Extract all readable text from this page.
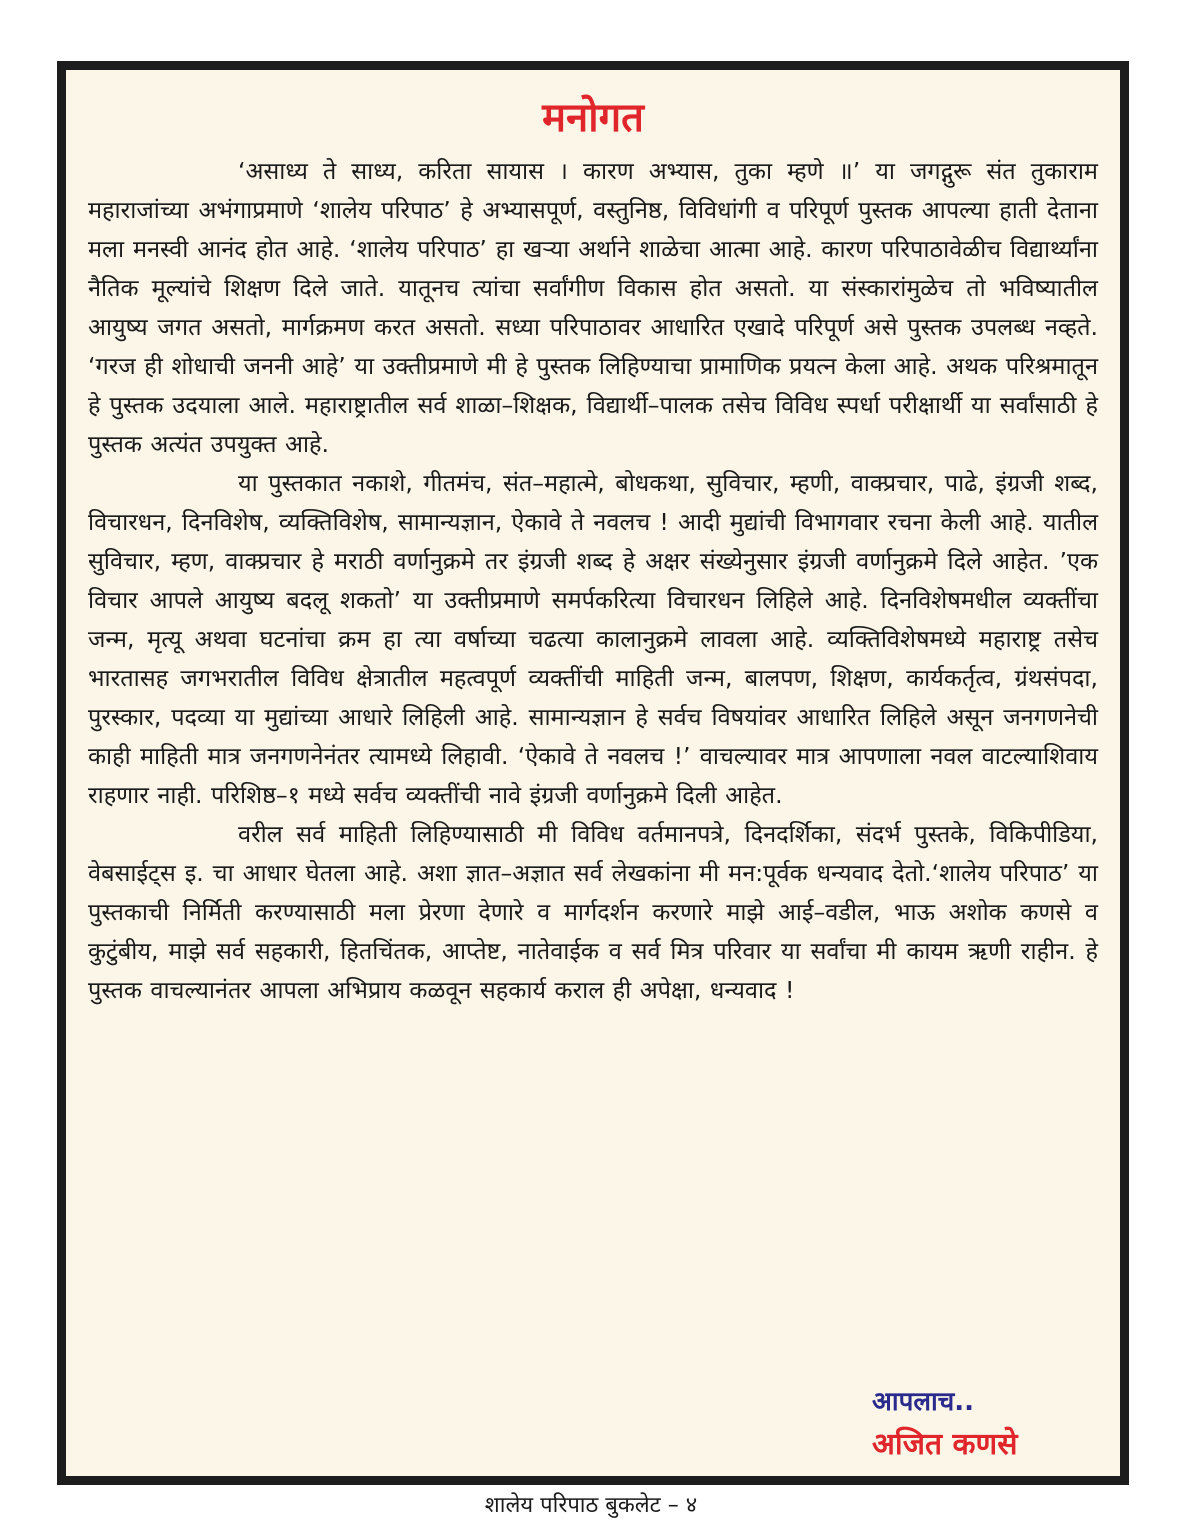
मनोगत

‘असाध्य ते साध्य, करिता सायास । कारण अभ्यास, तुका म्हणे ॥’ या जगद्गुरू संत तुकाराम महाराजांच्या अभंगाप्रमाणे ‘शालेय परिपाठ’ हे अभ्यासपूर्ण, वस्तुनिष्ठ, विविधांगी व परिपूर्ण पुस्तक आपल्या हाती देताना मला मनस्वी आनंद होत आहे. ‘शालेय परिपाठ’ हा खऱ्या अर्थाने शाळेचा आत्मा आहे. कारण परिपाठावेळीच विद्यार्थ्यांना नैतिक मूल्यांचे शिक्षण दिले जाते. यातूनच त्यांचा सर्वांगीण विकास होत असतो. या संस्कारांमुळेच तो भविष्यातील आयुष्य जगत असतो, मार्गक्रमण करत असतो. सध्या परिपाठावर आधारित एखादे परिपूर्ण असे पुस्तक उपलब्ध नव्हते. ‘गरज ही शोधाची जननी आहे’ या उक्तीप्रमाणे मी हे पुस्तक लिहिण्याचा प्रामाणिक प्रयत्न केला आहे. अथक परिश्रमातून हे पुस्तक उदयाला आले. महाराष्ट्रातील सर्व शाळा–शिक्षक, विद्यार्थी–पालक तसेच विविध स्पर्धा परीक्षार्थी या सर्वांसाठी हे पुस्तक अत्यंत उपयुक्त आहे.

या पुस्तकात नकाशे, गीतमंच, संत–महात्मे, बोधकथा, सुविचार, म्हणी, वाक्प्रचार, पाढे, इंग्रजी शब्द, विचारधन, दिनविशेष, व्यक्तिविशेष, सामान्यज्ञान, ऐकावे ते नवलच ! आदी मुद्यांची विभागवार रचना केली आहे. यातील सुविचार, म्हण, वाक्प्रचार हे मराठी वर्णानुक्रमे तर इंग्रजी शब्द हे अक्षर संख्येनुसार इंग्रजी वर्णानुक्रमे दिले आहेत. ’एक विचार आपले आयुष्य बदलू शकतो’ या उक्तीप्रमाणे समर्पकरित्या विचारधन लिहिले आहे. दिनविशेषमधील व्यक्तींचा जन्म, मृत्यू अथवा घटनांचा क्रम हा त्या वर्षाच्या चढत्या कालानुक्रमे लावला आहे. व्यक्तिविशेषमध्ये महाराष्ट्र तसेच भारतासह जगभरातील विविध क्षेत्रातील महत्वपूर्ण व्यक्तींची माहिती जन्म, बालपण, शिक्षण, कार्यकर्तृत्व, ग्रंथसंपदा, पुरस्कार, पदव्या या मुद्यांच्या आधारे लिहिली आहे. सामान्यज्ञान हे सर्वच विषयांवर आधारित लिहिले असून जनगणनेची काही माहिती मात्र जनगणनेनंतर त्यामध्ये लिहावी. ‘ऐकावे ते नवलच !’ वाचल्यावर मात्र आपणाला नवल वाटल्याशिवाय राहणार नाही. परिशिष्ठ–१ मध्ये सर्वच व्यक्तींची नावे इंग्रजी वर्णानुक्रमे दिली आहेत.

वरील सर्व माहिती लिहिण्यासाठी मी विविध वर्तमानपत्रे, दिनदर्शिका, संदर्भ पुस्तके, विकिपीडिया, वेबसाईट्स इ. चा आधार घेतला आहे. अशा ज्ञात–अज्ञात सर्व लेखकांना मी मन:पूर्वक धन्यवाद देतो.‘शालेय परिपाठ’ या पुस्तकाची निर्मिती करण्यासाठी मला प्रेरणा देणारे व मार्गदर्शन करणारे माझे आई–वडील, भाऊ अशोक कणसे व कुटुंबीय, माझे सर्व सहकारी, हितचिंतक, आप्तेष्ट, नातेवाईक व सर्व मित्र परिवार या सर्वांचा मी कायम ऋणी राहीन. हे पुस्तक वाचल्यानंतर आपला अभिप्राय कळवून सहकार्य कराल ही अपेक्षा, धन्यवाद !

आपलाच..
अजित कणसे
शालेय परिपाठ बुकलेट – ४
